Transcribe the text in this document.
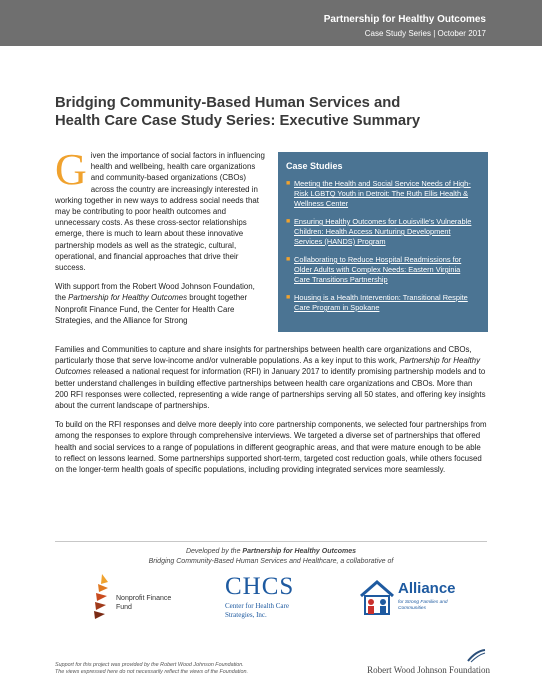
Partnership for Healthy Outcomes
Case Study Series | October 2017
Bridging Community-Based Human Services and
Health Care Case Study Series: Executive Summary

Given the importance of social factors in influencing health and wellbeing, health care organizations and community-based organizations (CBOs) across the country are increasingly interested in working together in new ways to address social needs that may be contributing to poor health outcomes and unnecessary costs. As these cross-sector relationships emerge, there is much to learn about these innovative partnership models as well as the strategic, cultural, operational, and financial approaches that drive their success.

With support from the Robert Wood Johnson Foundation, the Partnership for Healthy Outcomes brought together Nonprofit Finance Fund, the Center for Health Care Strategies, and the Alliance for Strong

Case Studies
■ Meeting the Health and Social Service Needs of High-Risk LGBTQ Youth in Detroit: The Ruth Ellis Health & Wellness Center
■ Ensuring Healthy Outcomes for Louisville's Vulnerable Children: Health Access Nurturing Development Services (HANDS) Program
■ Collaborating to Reduce Hospital Readmissions for Older Adults with Complex Needs: Eastern Virginia Care Transitions Partnership
■ Housing is a Health Intervention: Transitional Respite Care Program in Spokane

Families and Communities to capture and share insights for partnerships between health care organizations and CBOs, particularly those that serve low-income and/or vulnerable populations. As a key input to this work, Partnership for Healthy Outcomes released a national request for information (RFI) in January 2017 to identify promising partnership models and to better understand challenges in building effective partnerships between health care organizations and CBOs. More than 200 RFI responses were collected, representing a wide range of partnerships serving all 50 states, and offering key insights about the current landscape of partnerships.

To build on the RFI responses and delve more deeply into core partnership components, we selected four partnerships from among the responses to explore through comprehensive interviews. We targeted a diverse set of partnerships that offered health and social services to a range of populations in different geographic areas, and that were mature enough to be able to reflect on lessons learned. Some partnerships supported short-term, targeted cost reduction goals, while others focused on the longer-term health goals of specific populations, including providing integrated services more seamlessly.

Developed by the Partnership for Healthy Outcomes
Bridging Community-Based Human Services and Healthcare, a collaborative of
Nonprofit Finance Fund
CHCS
Center for Health Care Strategies, Inc.
Alliance
for Strong Families and Communities
Support for this project was provided by the Robert Wood Johnson Foundation.
The views expressed here do not necessarily reflect the views of the Foundation.	Robert Wood Johnson Foundation
